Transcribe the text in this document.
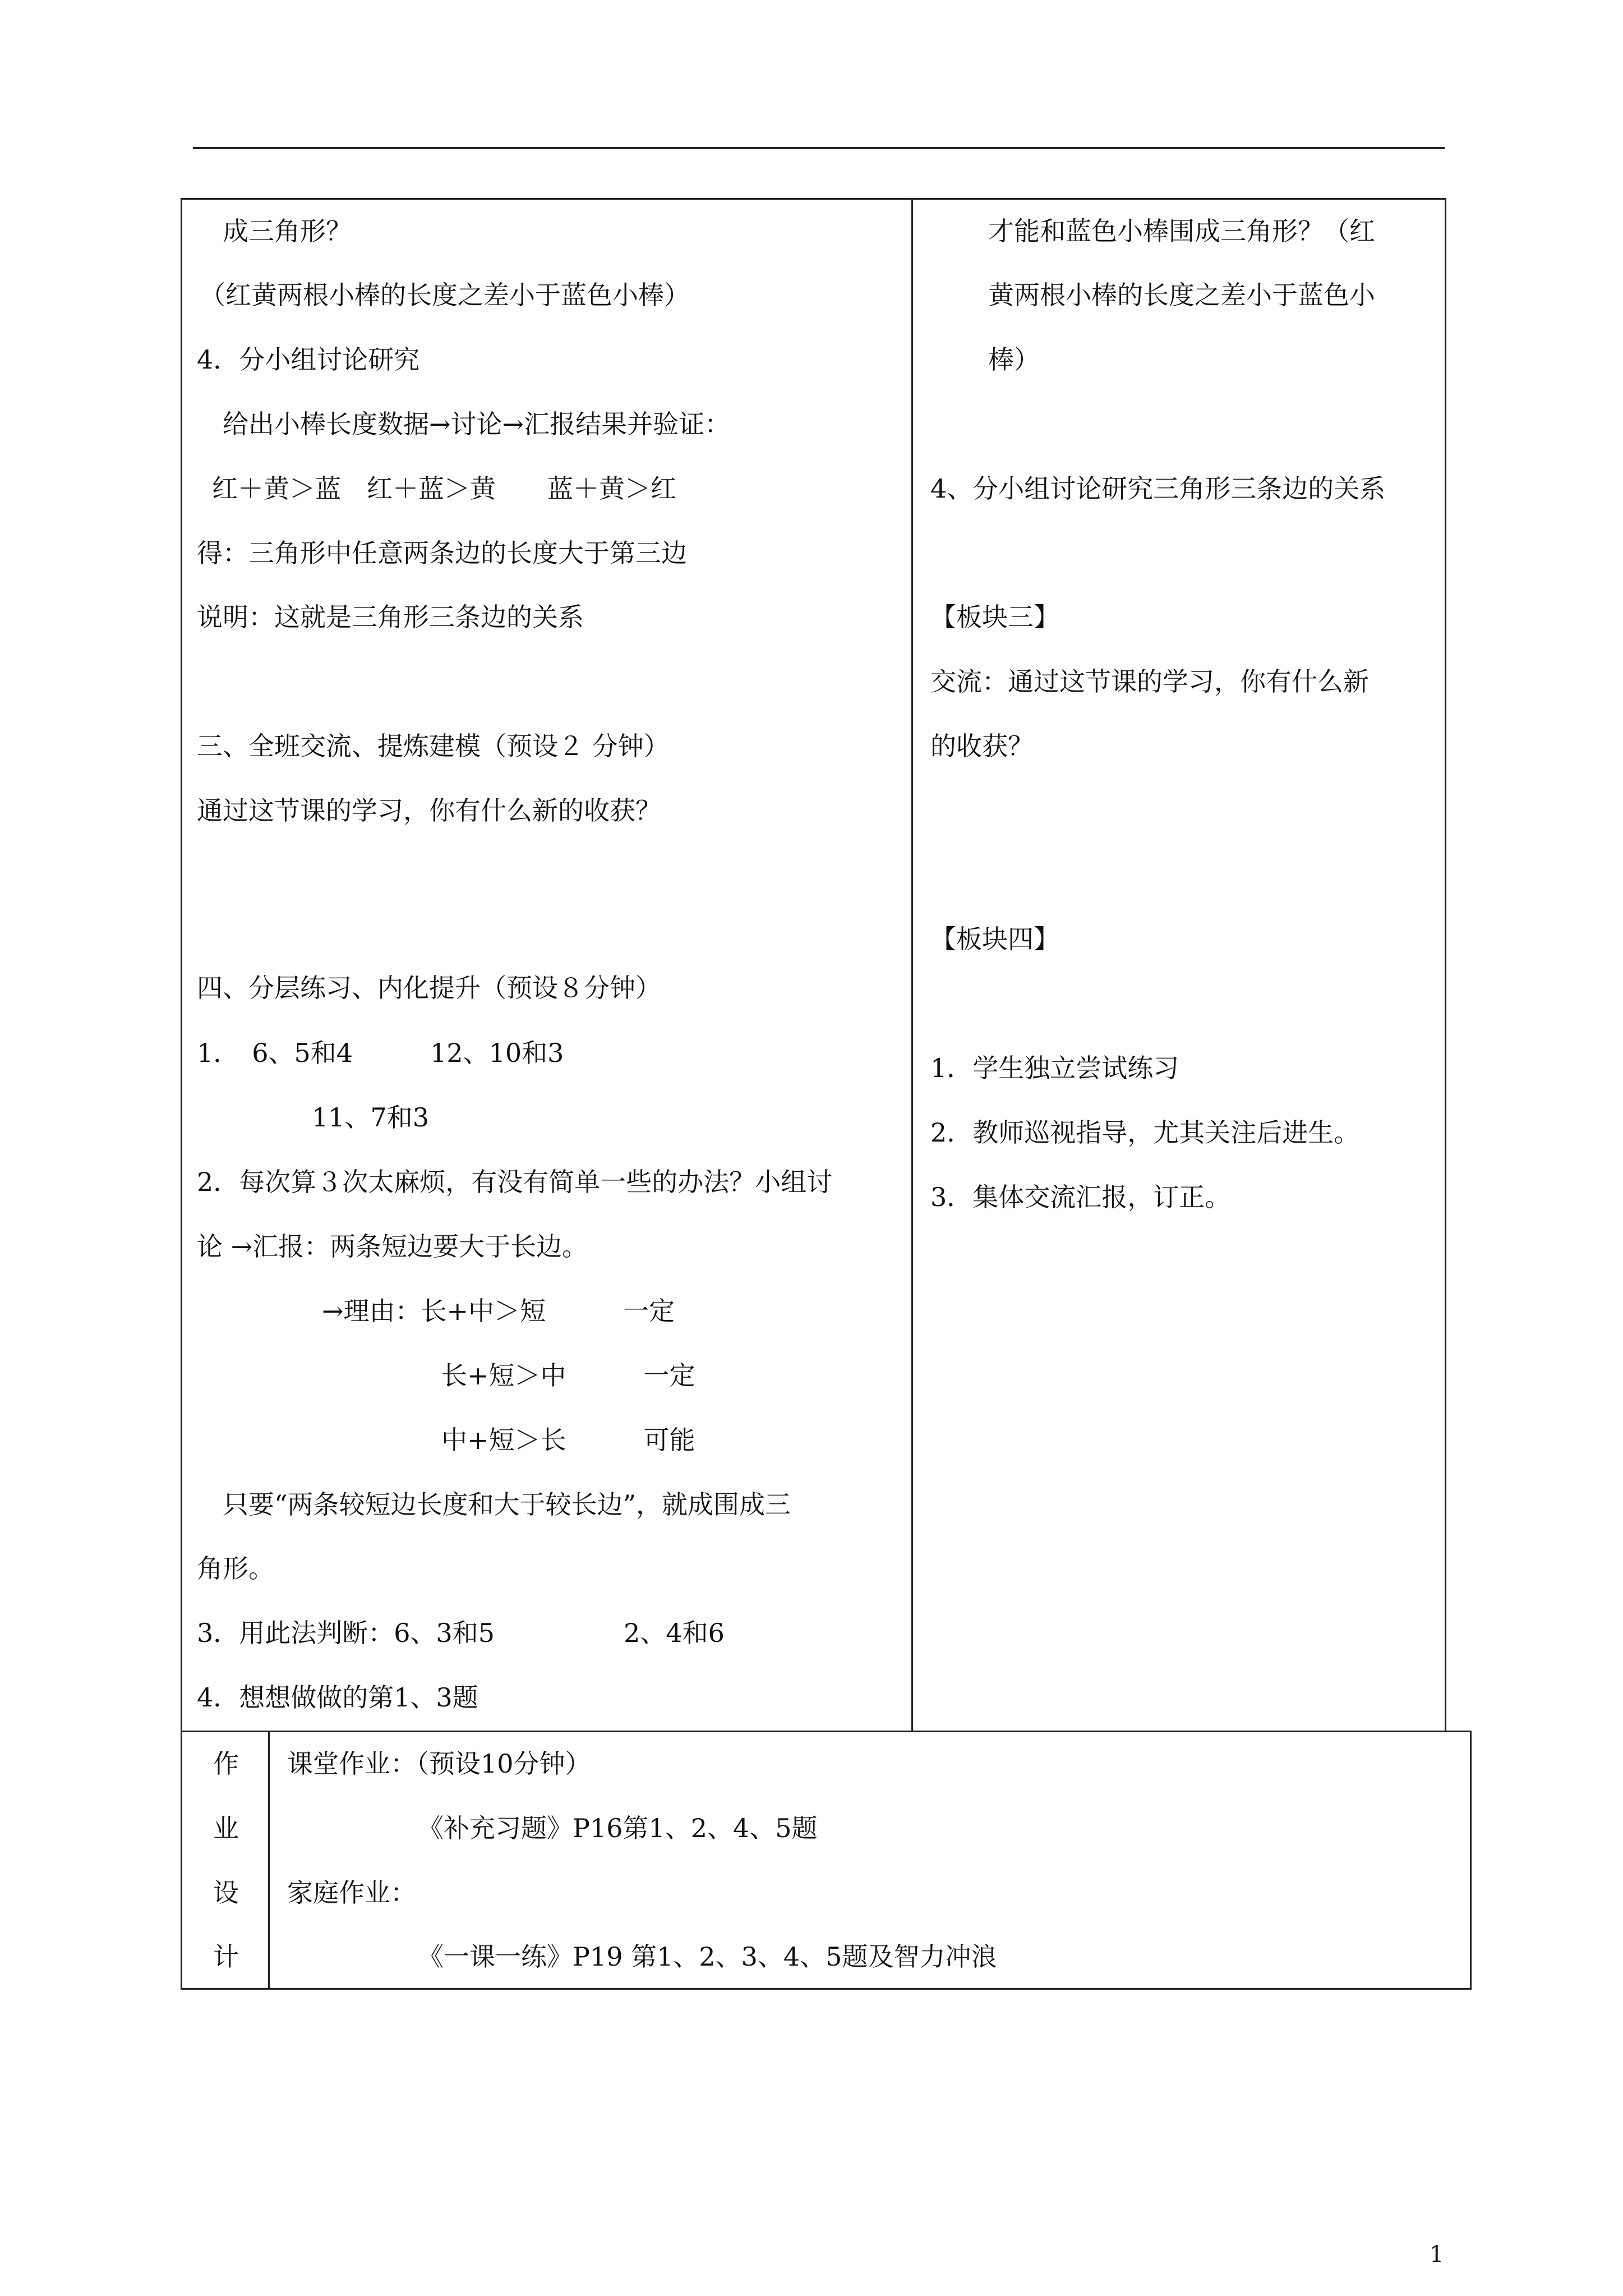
成三角形？
（红黄两根小棒的长度之差小于蓝色小棒）
4．分小组讨论研究
给出小棒长度数据→讨论→汇报结果并验证：
红＋黄＞蓝　红＋蓝＞黄　　蓝＋黄＞红
得：三角形中任意两条边的长度大于第三边
说明：这就是三角形三条边的关系
三、全班交流、提炼建模（预设２ 分钟）
通过这节课的学习，你有什么新的收获？
四、分层练习、内化提升（预设８分钟）
1．　6、5和4　　　12、10和3
11、7和3
2．每次算３次太麻烦，有没有简单一些的办法？小组讨
论 →汇报：两条短边要大于长边。
→理由：长+中＞短　　　一定
长+短＞中　　　一定
中+短＞长　　　可能
只要“两条较短边长度和大于较长边”，就成围成三
角形。
3．用此法判断：6、3和5　　　　　2、4和6
4．想想做做的第1、3题
才能和蓝色小棒围成三角形？（红
黄两根小棒的长度之差小于蓝色小
棒）
4、分小组讨论研究三角形三条边的关系
【板块三】
交流：通过这节课的学习，你有什么新
的收获？
【板块四】
1．学生独立尝试练习
2．教师巡视指导，尤其关注后进生。
3．集体交流汇报，订正。
作
业
设
计
课堂作业：（预设10分钟）
《补充习题》P16第1、2、4、5题
家庭作业：
《一课一练》P19 第1、2、3、4、5题及智力冲浪
1
